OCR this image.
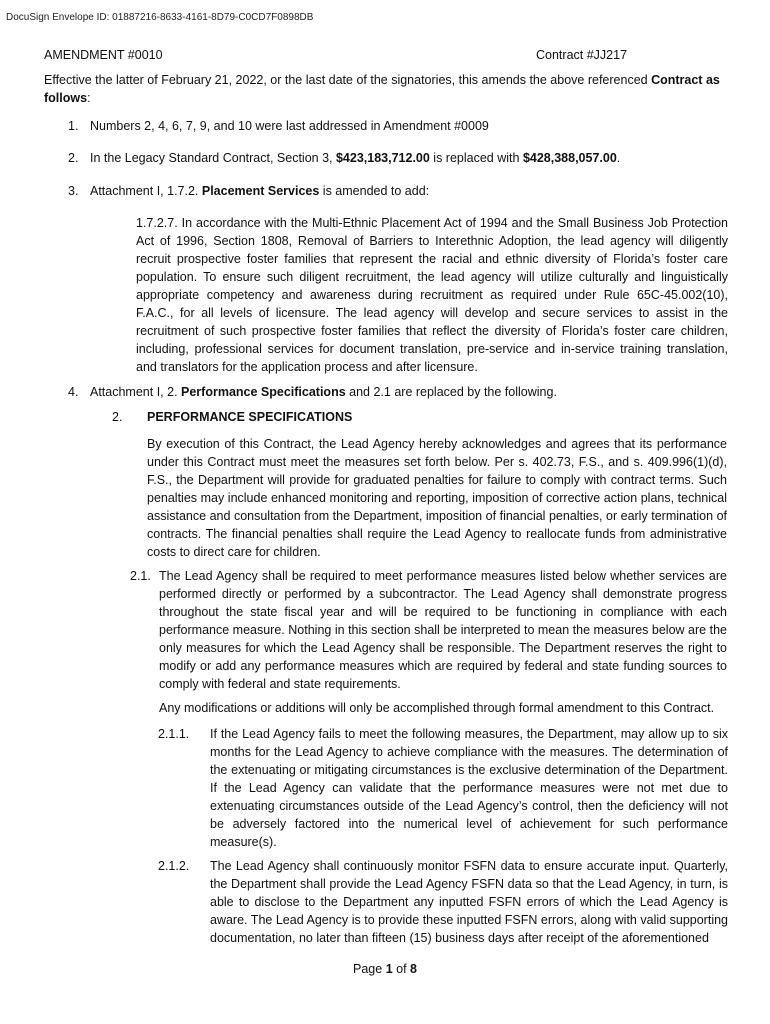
DocuSign Envelope ID: 01887216-8633-4161-8D79-C0CD7F0898DB
AMENDMENT #0010	Contract #JJ217
Effective the latter of February 21, 2022, or the last date of the signatories, this amends the above referenced Contract as follows:
1. Numbers 2, 4, 6, 7, 9, and 10 were last addressed in Amendment #0009
2. In the Legacy Standard Contract, Section 3, $423,183,712.00 is replaced with $428,388,057.00.
3. Attachment I, 1.7.2. Placement Services is amended to add:
1.7.2.7. In accordance with the Multi-Ethnic Placement Act of 1994 and the Small Business Job Protection Act of 1996, Section 1808, Removal of Barriers to Interethnic Adoption, the lead agency will diligently recruit prospective foster families that represent the racial and ethnic diversity of Florida’s foster care population. To ensure such diligent recruitment, the lead agency will utilize culturally and linguistically appropriate competency and awareness during recruitment as required under Rule 65C-45.002(10), F.A.C., for all levels of licensure. The lead agency will develop and secure services to assist in the recruitment of such prospective foster families that reflect the diversity of Florida’s foster care children, including, professional services for document translation, pre-service and in-service training translation, and translators for the application process and after licensure.
4. Attachment I, 2. Performance Specifications and 2.1 are replaced by the following.
2. PERFORMANCE SPECIFICATIONS
By execution of this Contract, the Lead Agency hereby acknowledges and agrees that its performance under this Contract must meet the measures set forth below. Per s. 402.73, F.S., and s. 409.996(1)(d), F.S., the Department will provide for graduated penalties for failure to comply with contract terms. Such penalties may include enhanced monitoring and reporting, imposition of corrective action plans, technical assistance and consultation from the Department, imposition of financial penalties, or early termination of contracts. The financial penalties shall require the Lead Agency to reallocate funds from administrative costs to direct care for children.
2.1. The Lead Agency shall be required to meet performance measures listed below whether services are performed directly or performed by a subcontractor. The Lead Agency shall demonstrate progress throughout the state fiscal year and will be required to be functioning in compliance with each performance measure. Nothing in this section shall be interpreted to mean the measures below are the only measures for which the Lead Agency shall be responsible. The Department reserves the right to modify or add any performance measures which are required by federal and state funding sources to comply with federal and state requirements.
Any modifications or additions will only be accomplished through formal amendment to this Contract.
2.1.1. If the Lead Agency fails to meet the following measures, the Department, may allow up to six months for the Lead Agency to achieve compliance with the measures. The determination of the extenuating or mitigating circumstances is the exclusive determination of the Department. If the Lead Agency can validate that the performance measures were not met due to extenuating circumstances outside of the Lead Agency’s control, then the deficiency will not be adversely factored into the numerical level of achievement for such performance measure(s).
2.1.2. The Lead Agency shall continuously monitor FSFN data to ensure accurate input. Quarterly, the Department shall provide the Lead Agency FSFN data so that the Lead Agency, in turn, is able to disclose to the Department any inputted FSFN errors of which the Lead Agency is aware. The Lead Agency is to provide these inputted FSFN errors, along with valid supporting documentation, no later than fifteen (15) business days after receipt of the aforementioned
Page 1 of 8
